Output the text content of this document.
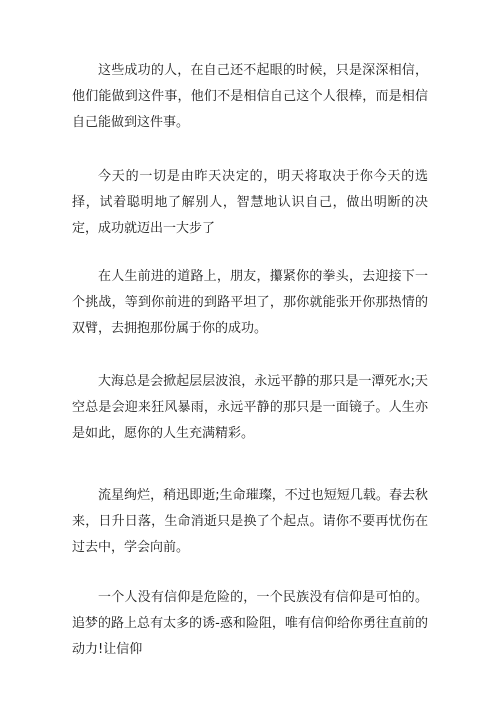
这些成功的人，在自己还不起眼的时候，只是深深相信，他们能做到这件事，他们不是相信自己这个人很棒，而是相信自己能做到这件事。

今天的一切是由昨天决定的，明天将取决于你今天的选择，试着聪明地了解别人，智慧地认识自己，做出明断的决定，成功就迈出一大步了

在人生前进的道路上，朋友，攥紧你的拳头，去迎接下一个挑战，等到你前进的到路平坦了，那你就能张开你那热情的双臂，去拥抱那份属于你的成功。

大海总是会掀起层层波浪，永远平静的那只是一潭死水;天空总是会迎来狂风暴雨，永远平静的那只是一面镜子。人生亦是如此，愿你的人生充满精彩。

流星绚烂，稍迅即逝;生命璀璨，不过也短短几载。春去秋来，日升日落，生命消逝只是换了个起点。请你不要再忧伤在过去中，学会向前。

一个人没有信仰是危险的，一个民族没有信仰是可怕的。追梦的路上总有太多的诱-惑和险阻，唯有信仰给你勇往直前的动力!让信仰
